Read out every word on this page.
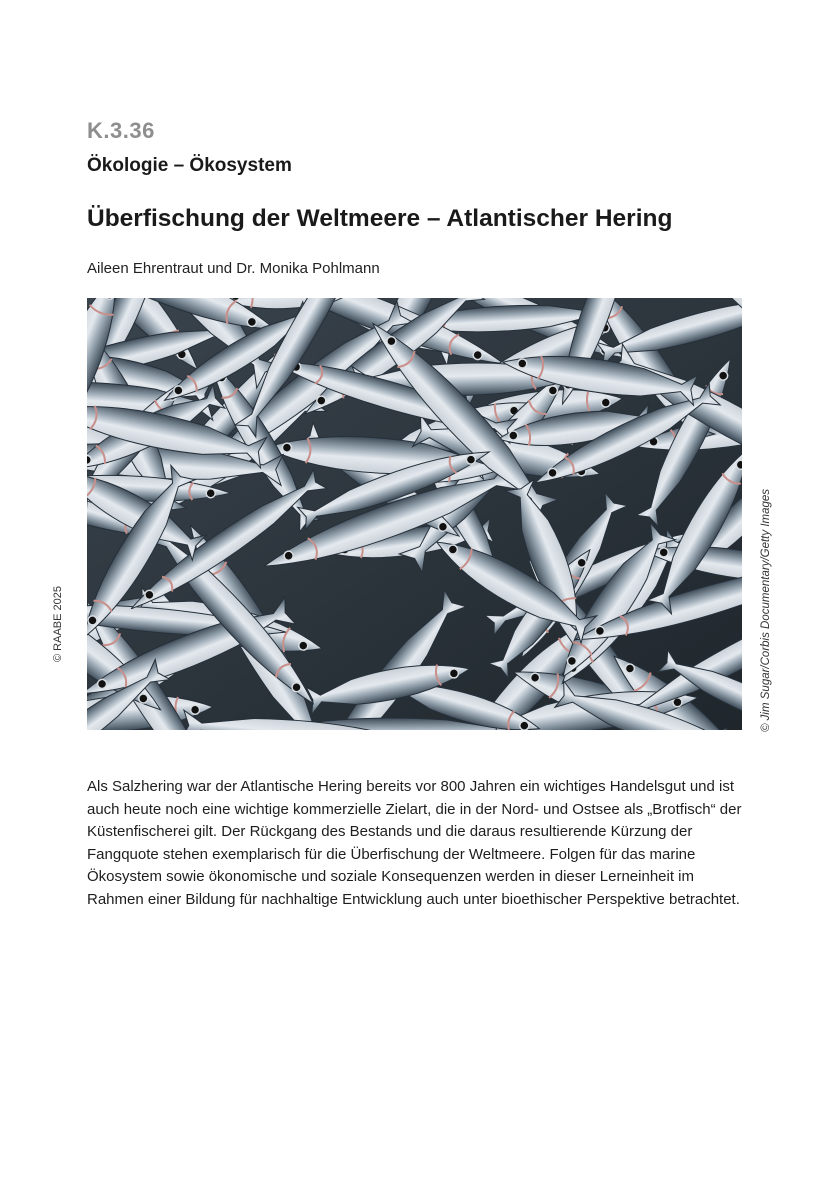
K.3.36
Ökologie – Ökosystem
Überfischung der Weltmeere – Atlantischer Hering
Aileen Ehrentraut und Dr. Monika Pohlmann
© Jim Sugar/Corbis Documentary/Getty Images
© RAABE 2025
Als Salzhering war der Atlantische Hering bereits vor 800 Jahren ein wichtiges Handelsgut und ist auch heute noch eine wichtige kommerzielle Zielart, die in der Nord- und Ostsee als „Brotfisch“ der Küstenfischerei gilt. Der Rückgang des Bestands und die daraus resultierende Kürzung der Fangquote stehen exemplarisch für die Überfischung der Weltmeere. Folgen für das marine Ökosystem sowie ökonomische und soziale Konsequenzen werden in dieser Lerneinheit im Rahmen einer Bildung für nachhaltige Entwicklung auch unter bioethischer Perspektive betrachtet.
